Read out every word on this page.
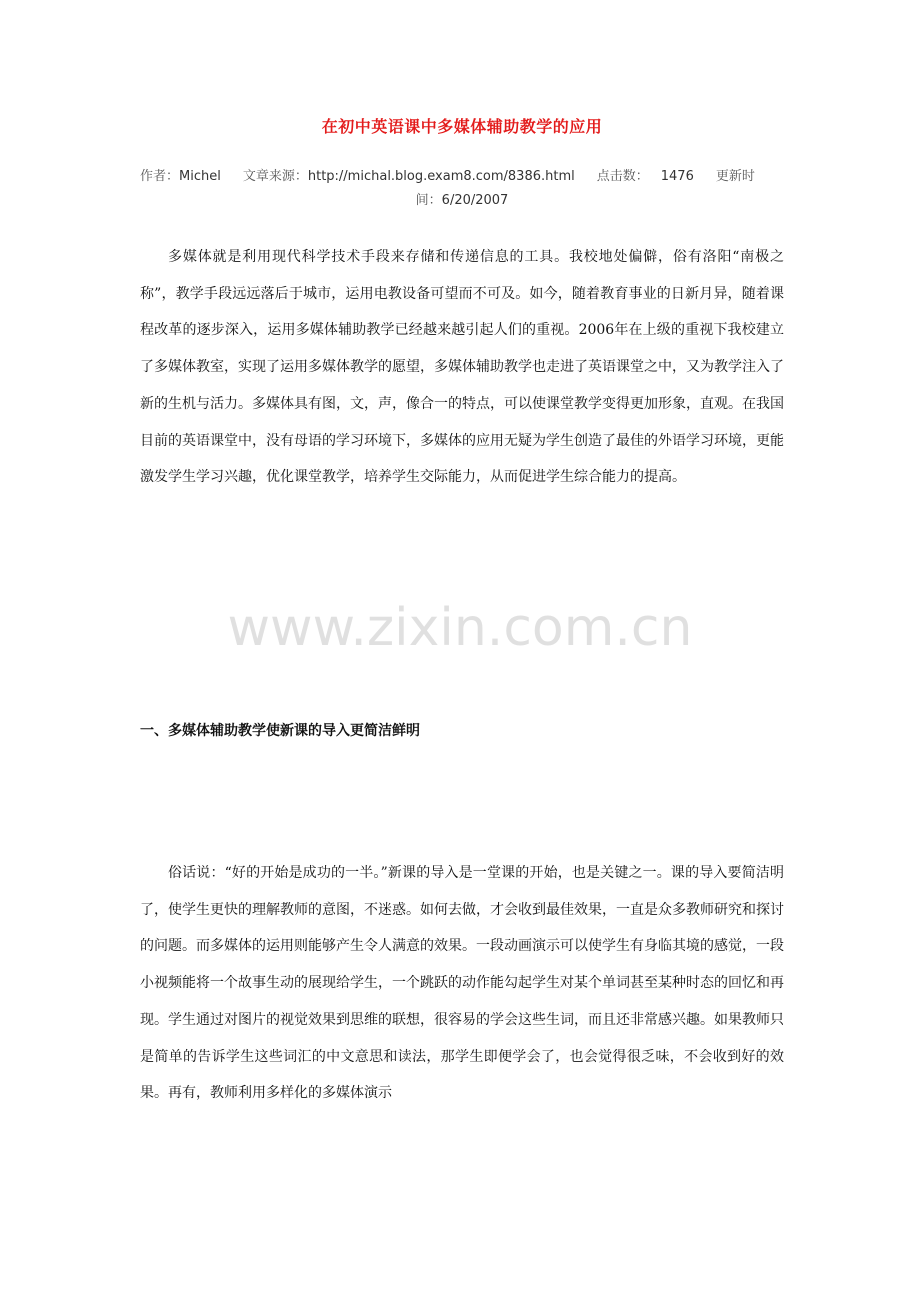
在初中英语课中多媒体辅助教学的应用
作者：Michel 文章来源：http://michal.blog.exam8.com/8386.html 点击数： 1476 更新时
间：6/20/2007

多媒体就是利用现代科学技术手段来存储和传递信息的工具。我校地处偏僻，俗有洛阳“南极之称”，教学手段远远落后于城市，运用电教设备可望而不可及。如今，随着教育事业的日新月异，随着课程改革的逐步深入，运用多媒体辅助教学已经越来越引起人们的重视。2006年在上级的重视下我校建立了多媒体教室，实现了运用多媒体教学的愿望，多媒体辅助教学也走进了英语课堂之中，又为教学注入了新的生机与活力。多媒体具有图，文，声，像合一的特点，可以使课堂教学变得更加形象，直观。在我国目前的英语课堂中，没有母语的学习环境下，多媒体的应用无疑为学生创造了最佳的外语学习环境，更能激发学生学习兴趣，优化课堂教学，培养学生交际能力，从而促进学生综合能力的提高。

www.zixin.com.cn
一、多媒体辅助教学使新课的导入更简洁鲜明

俗话说：“好的开始是成功的一半。”新课的导入是一堂课的开始，也是关键之一。课的导入要简洁明了，使学生更快的理解教师的意图，不迷惑。如何去做，才会收到最佳效果，一直是众多教师研究和探讨的问题。而多媒体的运用则能够产生令人满意的效果。一段动画演示可以使学生有身临其境的感觉，一段小视频能将一个故事生动的展现给学生，一个跳跃的动作能勾起学生对某个单词甚至某种时态的回忆和再现。学生通过对图片的视觉效果到思维的联想，很容易的学会这些生词，而且还非常感兴趣。如果教师只是简单的告诉学生这些词汇的中文意思和读法，那学生即便学会了，也会觉得很乏味，不会收到好的效果。再有，教师利用多样化的多媒体演示
